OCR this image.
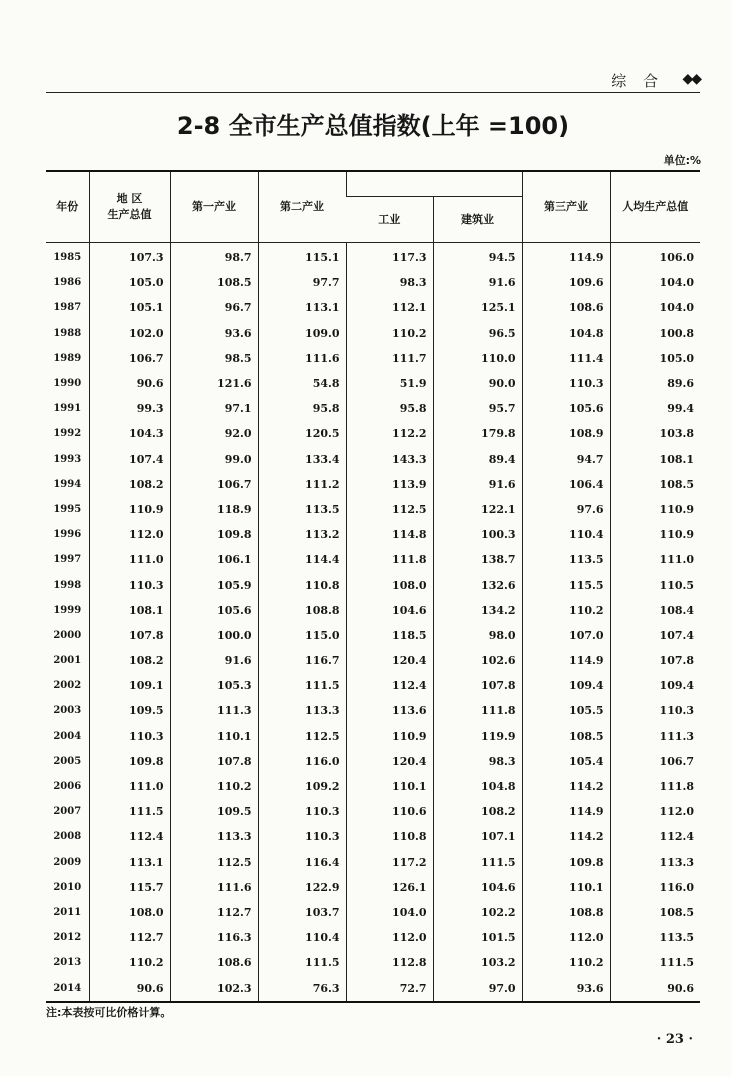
综 合 ◆◆
2-8 全市生产总值指数(上年 =100)
单位:%
年份	地 区
生产总值	第一产业	第二产业			第三产业	人均生产总值
				工业	建筑业		
1985	107.3	98.7	115.1	117.3	94.5	114.9	106.0
1986	105.0	108.5	97.7	98.3	91.6	109.6	104.0
1987	105.1	96.7	113.1	112.1	125.1	108.6	104.0
1988	102.0	93.6	109.0	110.2	96.5	104.8	100.8
1989	106.7	98.5	111.6	111.7	110.0	111.4	105.0
1990	90.6	121.6	54.8	51.9	90.0	110.3	89.6
1991	99.3	97.1	95.8	95.8	95.7	105.6	99.4
1992	104.3	92.0	120.5	112.2	179.8	108.9	103.8
1993	107.4	99.0	133.4	143.3	89.4	94.7	108.1
1994	108.2	106.7	111.2	113.9	91.6	106.4	108.5
1995	110.9	118.9	113.5	112.5	122.1	97.6	110.9
1996	112.0	109.8	113.2	114.8	100.3	110.4	110.9
1997	111.0	106.1	114.4	111.8	138.7	113.5	111.0
1998	110.3	105.9	110.8	108.0	132.6	115.5	110.5
1999	108.1	105.6	108.8	104.6	134.2	110.2	108.4
2000	107.8	100.0	115.0	118.5	98.0	107.0	107.4
2001	108.2	91.6	116.7	120.4	102.6	114.9	107.8
2002	109.1	105.3	111.5	112.4	107.8	109.4	109.4
2003	109.5	111.3	113.3	113.6	111.8	105.5	110.3
2004	110.3	110.1	112.5	110.9	119.9	108.5	111.3
2005	109.8	107.8	116.0	120.4	98.3	105.4	106.7
2006	111.0	110.2	109.2	110.1	104.8	114.2	111.8
2007	111.5	109.5	110.3	110.6	108.2	114.9	112.0
2008	112.4	113.3	110.3	110.8	107.1	114.2	112.4
2009	113.1	112.5	116.4	117.2	111.5	109.8	113.3
2010	115.7	111.6	122.9	126.1	104.6	110.1	116.0
2011	108.0	112.7	103.7	104.0	102.2	108.8	108.5
2012	112.7	116.3	110.4	112.0	101.5	112.0	113.5
2013	110.2	108.6	111.5	112.8	103.2	110.2	111.5
2014	90.6	102.3	76.3	72.7	97.0	93.6	90.6
注:本表按可比价格计算。
· 23 ·
